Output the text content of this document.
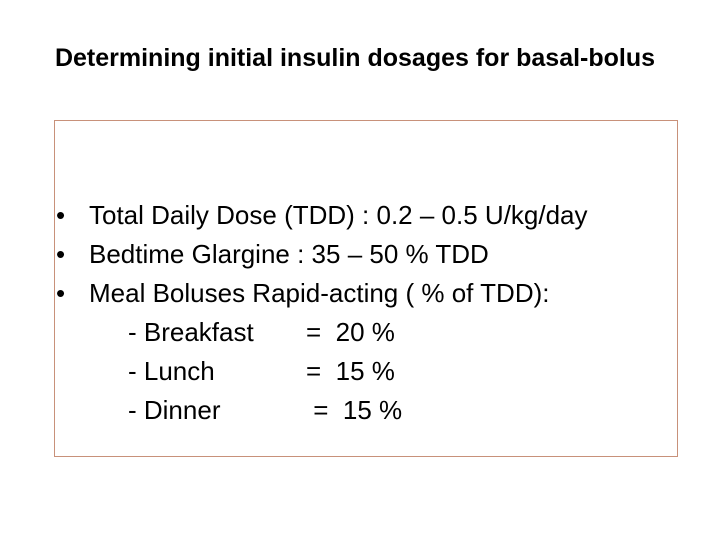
Determining initial insulin dosages for basal-bolus
• Total Daily Dose (TDD) : 0.2 – 0.5 U/kg/day
• Bedtime Glargine : 35 – 50 % TDD
• Meal Boluses Rapid-acting ( % of TDD):
- Breakfast	=  20 %
- Lunch	=  15 %
- Dinner	=  15 %
